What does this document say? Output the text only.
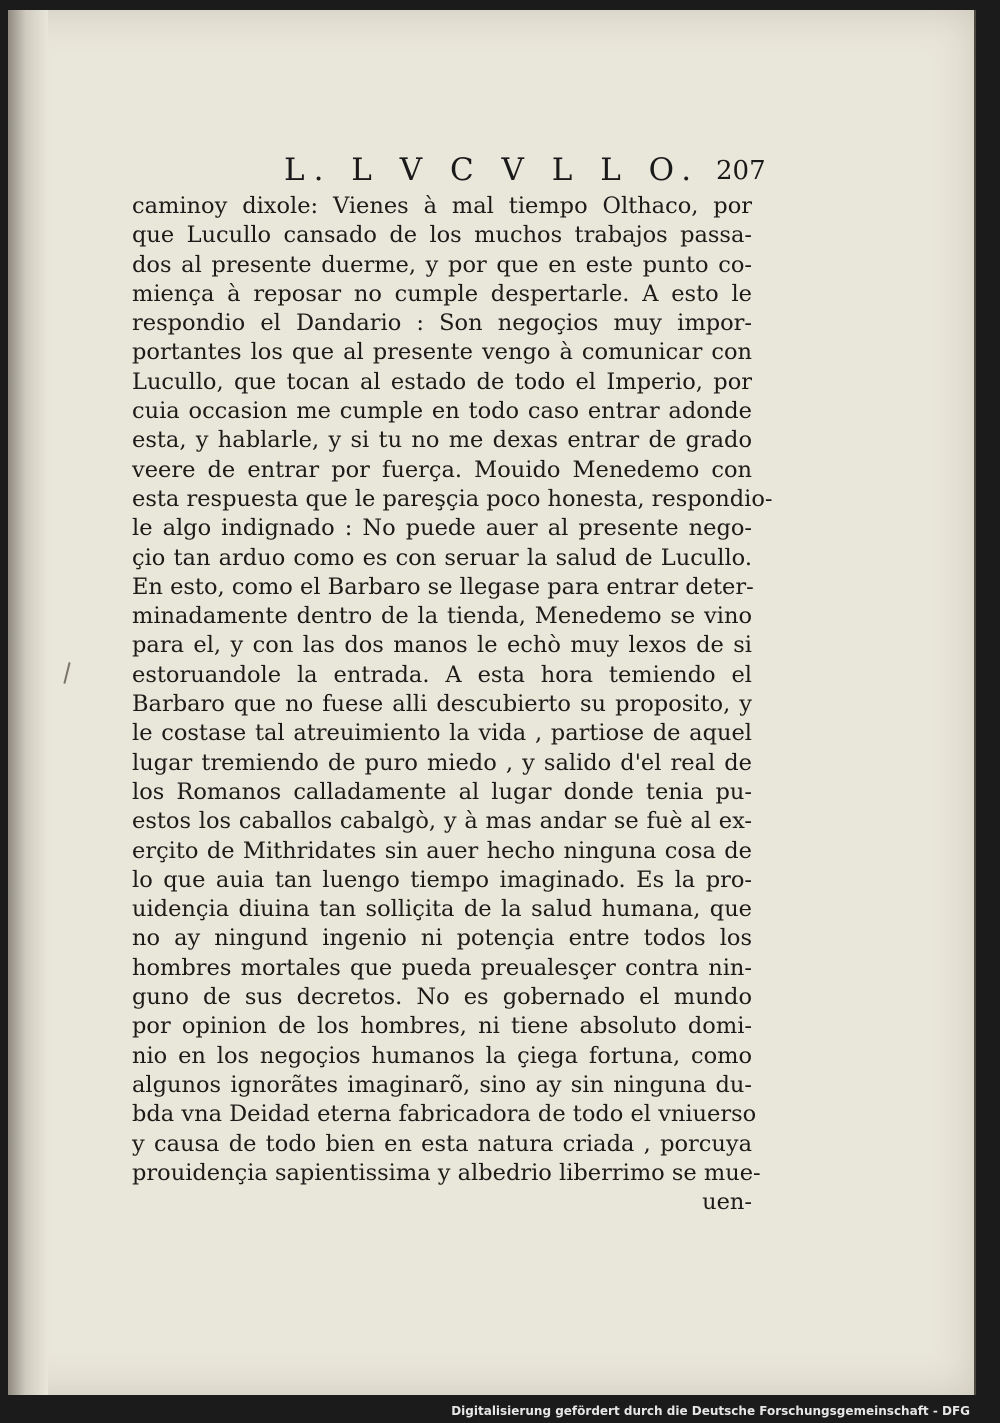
L. L V C V L L O. 207
caminoy dixole: Vienes à mal tiempo Olthaco, por
que Lucullo cansado de los muchos trabajos passa-
dos al presente duerme, y por que en este punto co-
miença à reposar no cumple despertarle. A esto le
respondio el Dandario : Son negoçios muy impor-
portantes los que al presente vengo à comunicar con
Lucullo, que tocan al estado de todo el Imperio, por
cuia occasion me cumple en todo caso entrar adonde
esta, y hablarle, y si tu no me dexas entrar de grado
veere de entrar por fuerça. Mouido Menedemo con
esta respuesta que le pareşçia poco honesta, respondio-
le algo indignado : No puede auer al presente nego-
çio tan arduo como es con seruar la salud de Lucullo.
En esto, como el Barbaro se llegase para entrar deter-
minadamente dentro de la tienda, Menedemo se vino
para el, y con las dos manos le echò muy lexos de si
estoruandole la entrada. A esta hora temiendo el
Barbaro que no fuese alli descubierto su proposito, y
le costase tal atreuimiento la vida , partiose de aquel
lugar tremiendo de puro miedo , y salido d'el real de
los Romanos calladamente al lugar donde tenia pu-
estos los caballos cabalgò, y à mas andar se fuè al ex-
erçito de Mithridates sin auer hecho ninguna cosa de
lo que auia tan luengo tiempo imaginado. Es la pro-
uidençia diuina tan solliçita de la salud humana, que
no ay ningund ingenio ni potençia entre todos los
hombres mortales que pueda preualesçer contra nin-
guno de sus decretos. No es gobernado el mundo
por opinion de los hombres, ni tiene absoluto domi-
nio en los negoçios humanos la çiega fortuna, como
algunos ignorãtes imaginarõ, sino ay sin ninguna du-
bda vna Deidad eterna fabricadora de todo el vniuerso
y causa de todo bien en esta natura criada , porcuya
prouidençia sapientissima y albedrio liberrimo se mue-
uen-
Digitalisierung gefördert durch die Deutsche Forschungsgemeinschaft - DFG
